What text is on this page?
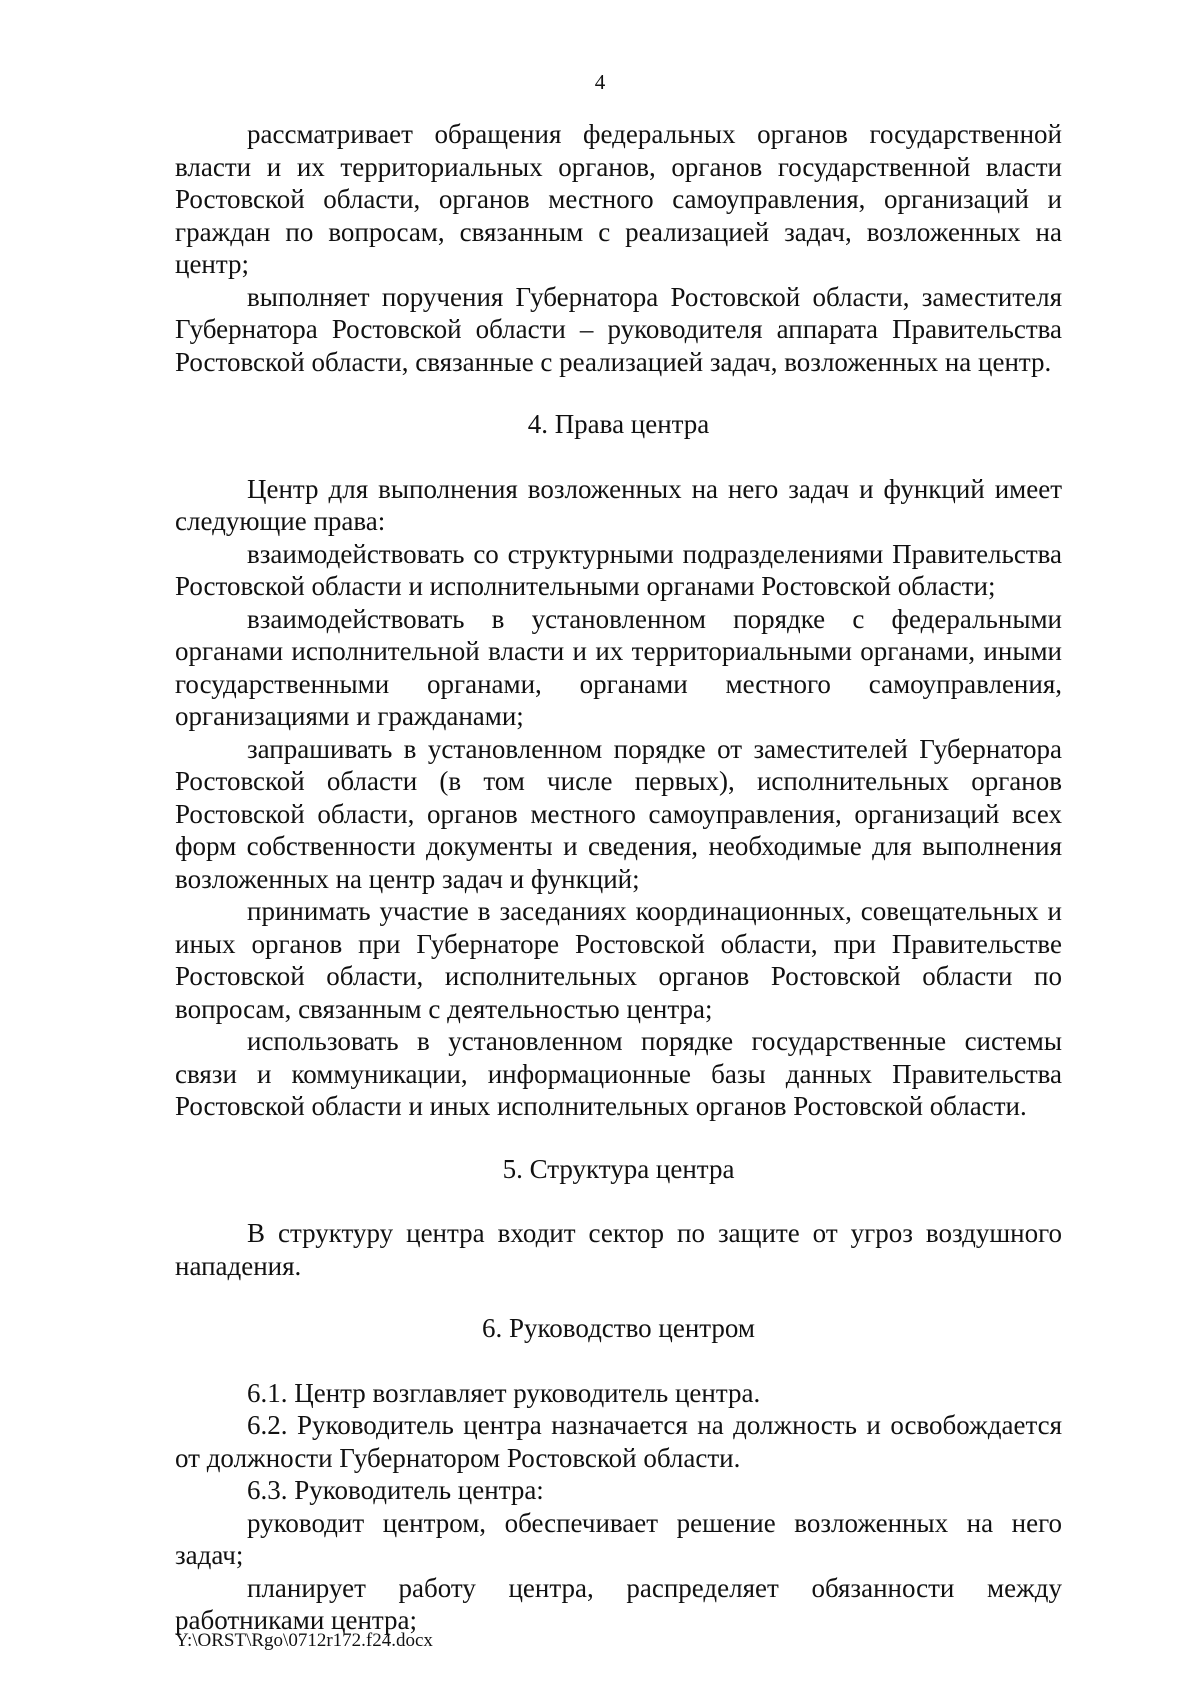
4

рассматривает обращения федеральных органов государственной власти и их территориальных органов, органов государственной власти Ростовской области, органов местного самоуправления, организаций и граждан по вопросам, связанным с реализацией задач, возложенных на центр;

выполняет поручения Губернатора Ростовской области, заместителя Губернатора Ростовской области – руководителя аппарата Правительства Ростовской области, связанные с реализацией задач, возложенных на центр.

4. Права центра

Центр для выполнения возложенных на него задач и функций имеет следующие права:

взаимодействовать со структурными подразделениями Правительства Ростовской области и исполнительными органами Ростовской области;

взаимодействовать в установленном порядке с федеральными органами исполнительной власти и их территориальными органами, иными государственными органами, органами местного самоуправления, организациями и гражданами;

запрашивать в установленном порядке от заместителей Губернатора Ростовской области (в том числе первых), исполнительных органов Ростовской области, органов местного самоуправления, организаций всех форм собственности документы и сведения, необходимые для выполнения возложенных на центр задач и функций;

принимать участие в заседаниях координационных, совещательных и иных органов при Губернаторе Ростовской области, при Правительстве Ростовской области, исполнительных органов Ростовской области по вопросам, связанным с деятельностью центра;

использовать в установленном порядке государственные системы связи и коммуникации, информационные базы данных Правительства Ростовской области и иных исполнительных органов Ростовской области.

5. Структура центра

В структуру центра входит сектор по защите от угроз воздушного нападения.

6. Руководство центром

6.1. Центр возглавляет руководитель центра.

6.2. Руководитель центра назначается на должность и освобождается от должности Губернатором Ростовской области.

6.3. Руководитель центра:

руководит центром, обеспечивает решение возложенных на него задач;

планирует работу центра, распределяет обязанности между работниками центра;

Y:\ORST\Rgo\0712r172.f24.docx
